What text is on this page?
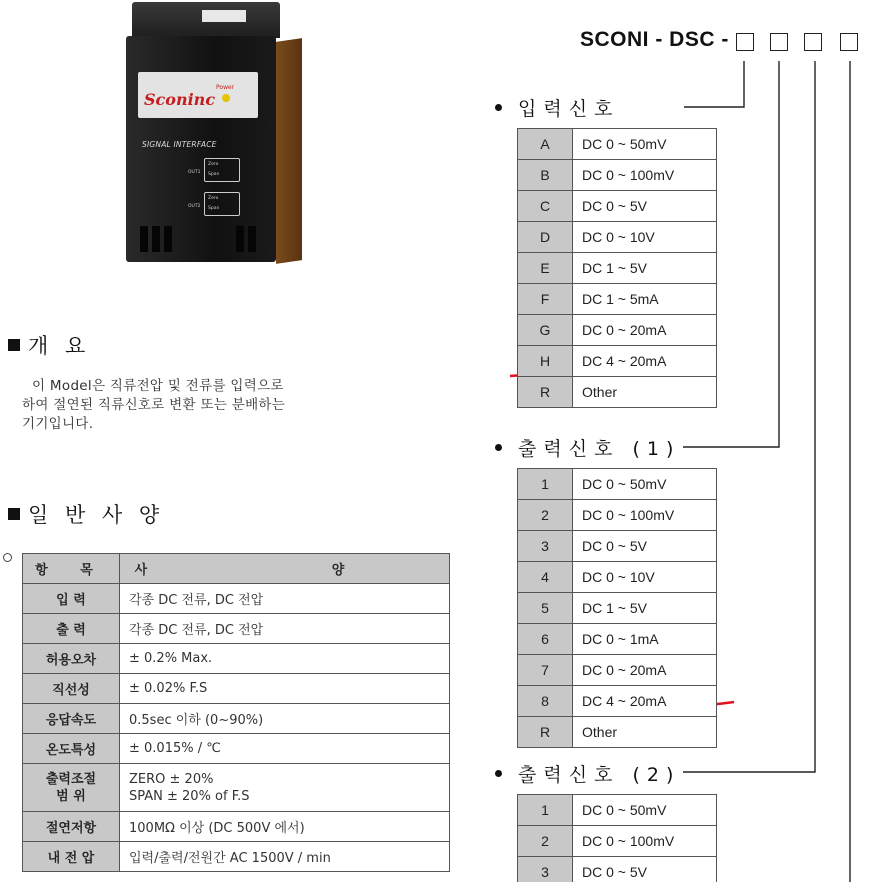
Sconinc
Power
SIGNAL INTERFACE
OUT1
Zero
Span
OUT2
Zero
Span
개 요
이 Model은 직류전압 및 전류를 입력으로
하여 절연된 직류신호로 변환 또는 분배하는
기기입니다.
일 반 사 양
항 목	사 양
입 력	각종 DC 전류, DC 전압
출 력	각종 DC 전류, DC 전압
허용오차	± 0.2% Max.
직선성	± 0.02% F.S
응답속도	0.5sec 이하 (0~90%)
온도특성	± 0.015% / ℃
출력조절
범 위	ZERO ± 20%
SPAN ± 20% of F.S
절연저항	100MΩ 이상 (DC 500V 에서)
내 전 압	입력/출력/전원간 AC 1500V / min
SCONI - DSC -
입력신호
A	DC 0 ~ 50mV
B	DC 0 ~ 100mV
C	DC 0 ~ 5V
D	DC 0 ~ 10V
E	DC 1 ~ 5V
F	DC 1 ~ 5mA
G	DC 0 ~ 20mA
H	DC 4 ~ 20mA
R	Other
출력신호 (1)
1	DC 0 ~ 50mV
2	DC 0 ~ 100mV
3	DC 0 ~ 5V
4	DC 0 ~ 10V
5	DC 1 ~ 5V
6	DC 0 ~ 1mA
7	DC 0 ~ 20mA
8	DC 4 ~ 20mA
R	Other
출력신호 (2)
1	DC 0 ~ 50mV
2	DC 0 ~ 100mV
3	DC 0 ~ 5V
